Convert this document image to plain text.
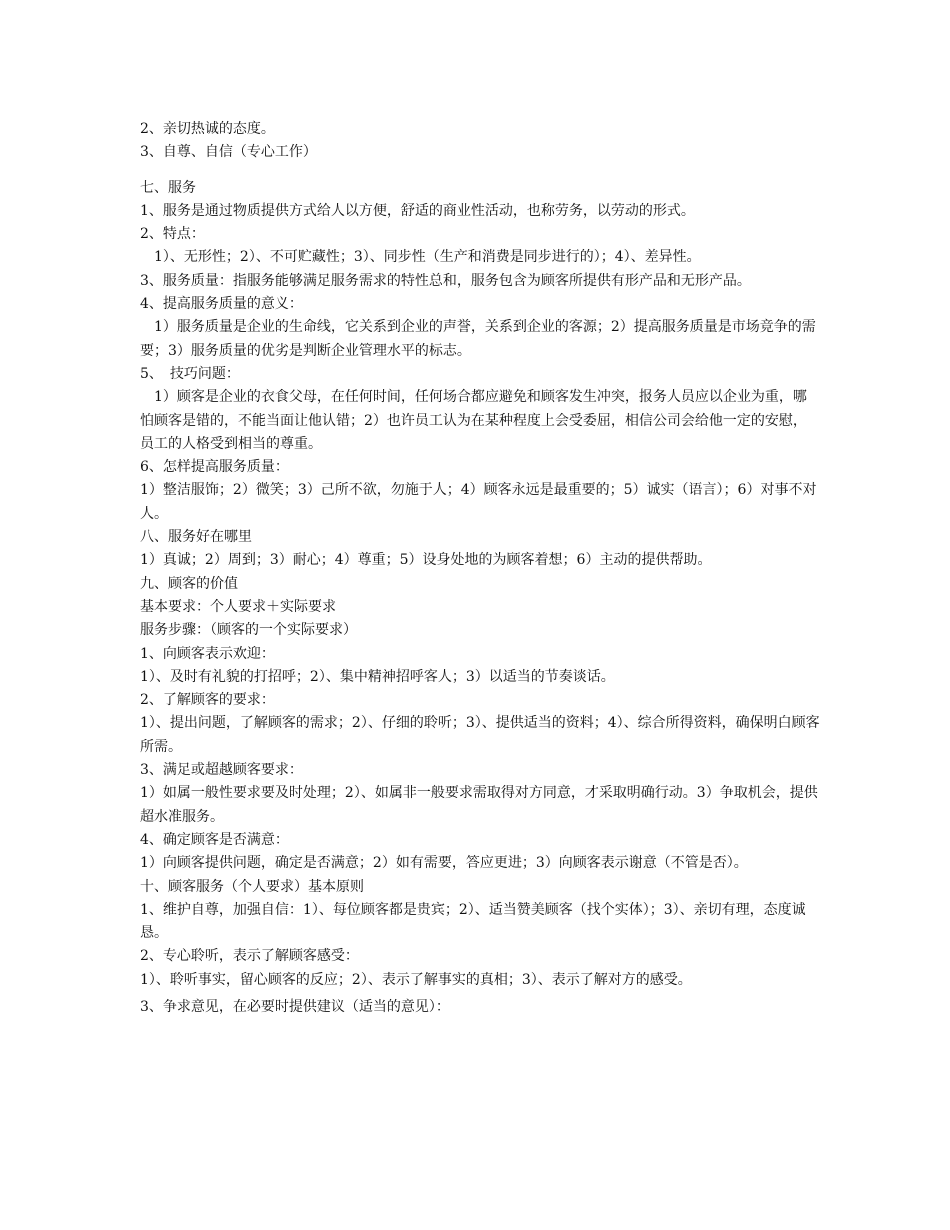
2、亲切热诚的态度。
3、自尊、自信（专心工作）
七、服务
1、服务是通过物质提供方式给人以方便，舒适的商业性活动，也称劳务，以劳动的形式。
2、特点：
　1）、无形性；2）、不可贮藏性；3）、同步性（生产和消费是同步进行的）；4）、差异性。
3、服务质量：指服务能够满足服务需求的特性总和，服务包含为顾客所提供有形产品和无形产品。
4、提高服务质量的意义：
　1）服务质量是企业的生命线，它关系到企业的声誉，关系到企业的客源；2）提高服务质量是市场竞争的需要；3）服务质量的优劣是判断企业管理水平的标志。
5、　技巧问题：
　1）顾客是企业的衣食父母，在任何时间，任何场合都应避免和顾客发生冲突，报务人员应以企业为重，哪怕顾客是错的，不能当面让他认错；2）也许员工认为在某种程度上会受委屈，相信公司会给他一定的安慰，员工的人格受到相当的尊重。
6、怎样提高服务质量：
1）整洁服饰；2）微笑；3）己所不欲，勿施于人；4）顾客永远是最重要的；5）诚实（语言）；6）对事不对人。
八、服务好在哪里
1）真诚；2）周到；3）耐心；4）尊重；5）设身处地的为顾客着想；6）主动的提供帮助。
九、顾客的价值
基本要求：个人要求＋实际要求
服务步骤：（顾客的一个实际要求）
1、向顾客表示欢迎：
1）、及时有礼貌的打招呼；2）、集中精神招呼客人；3）以适当的节奏谈话。
2、了解顾客的要求：
1）、提出问题，了解顾客的需求；2）、仔细的聆听；3）、提供适当的资料；4）、综合所得资料，确保明白顾客所需。
3、满足或超越顾客要求：
1）如属一般性要求要及时处理；2）、如属非一般要求需取得对方同意，才采取明确行动。3）争取机会，提供超水准服务。
4、确定顾客是否满意：
1）向顾客提供问题，确定是否满意；2）如有需要，答应更进；3）向顾客表示谢意（不管是否）。
十、顾客服务（个人要求）基本原则
1、维护自尊，加强自信：1）、每位顾客都是贵宾；2）、适当赞美顾客（找个实体）；3）、亲切有理，态度诚恳。
2、专心聆听，表示了解顾客感受：
1）、聆听事实，留心顾客的反应；2）、表示了解事实的真相；3）、表示了解对方的感受。
3、争求意见，在必要时提供建议（适当的意见）：
